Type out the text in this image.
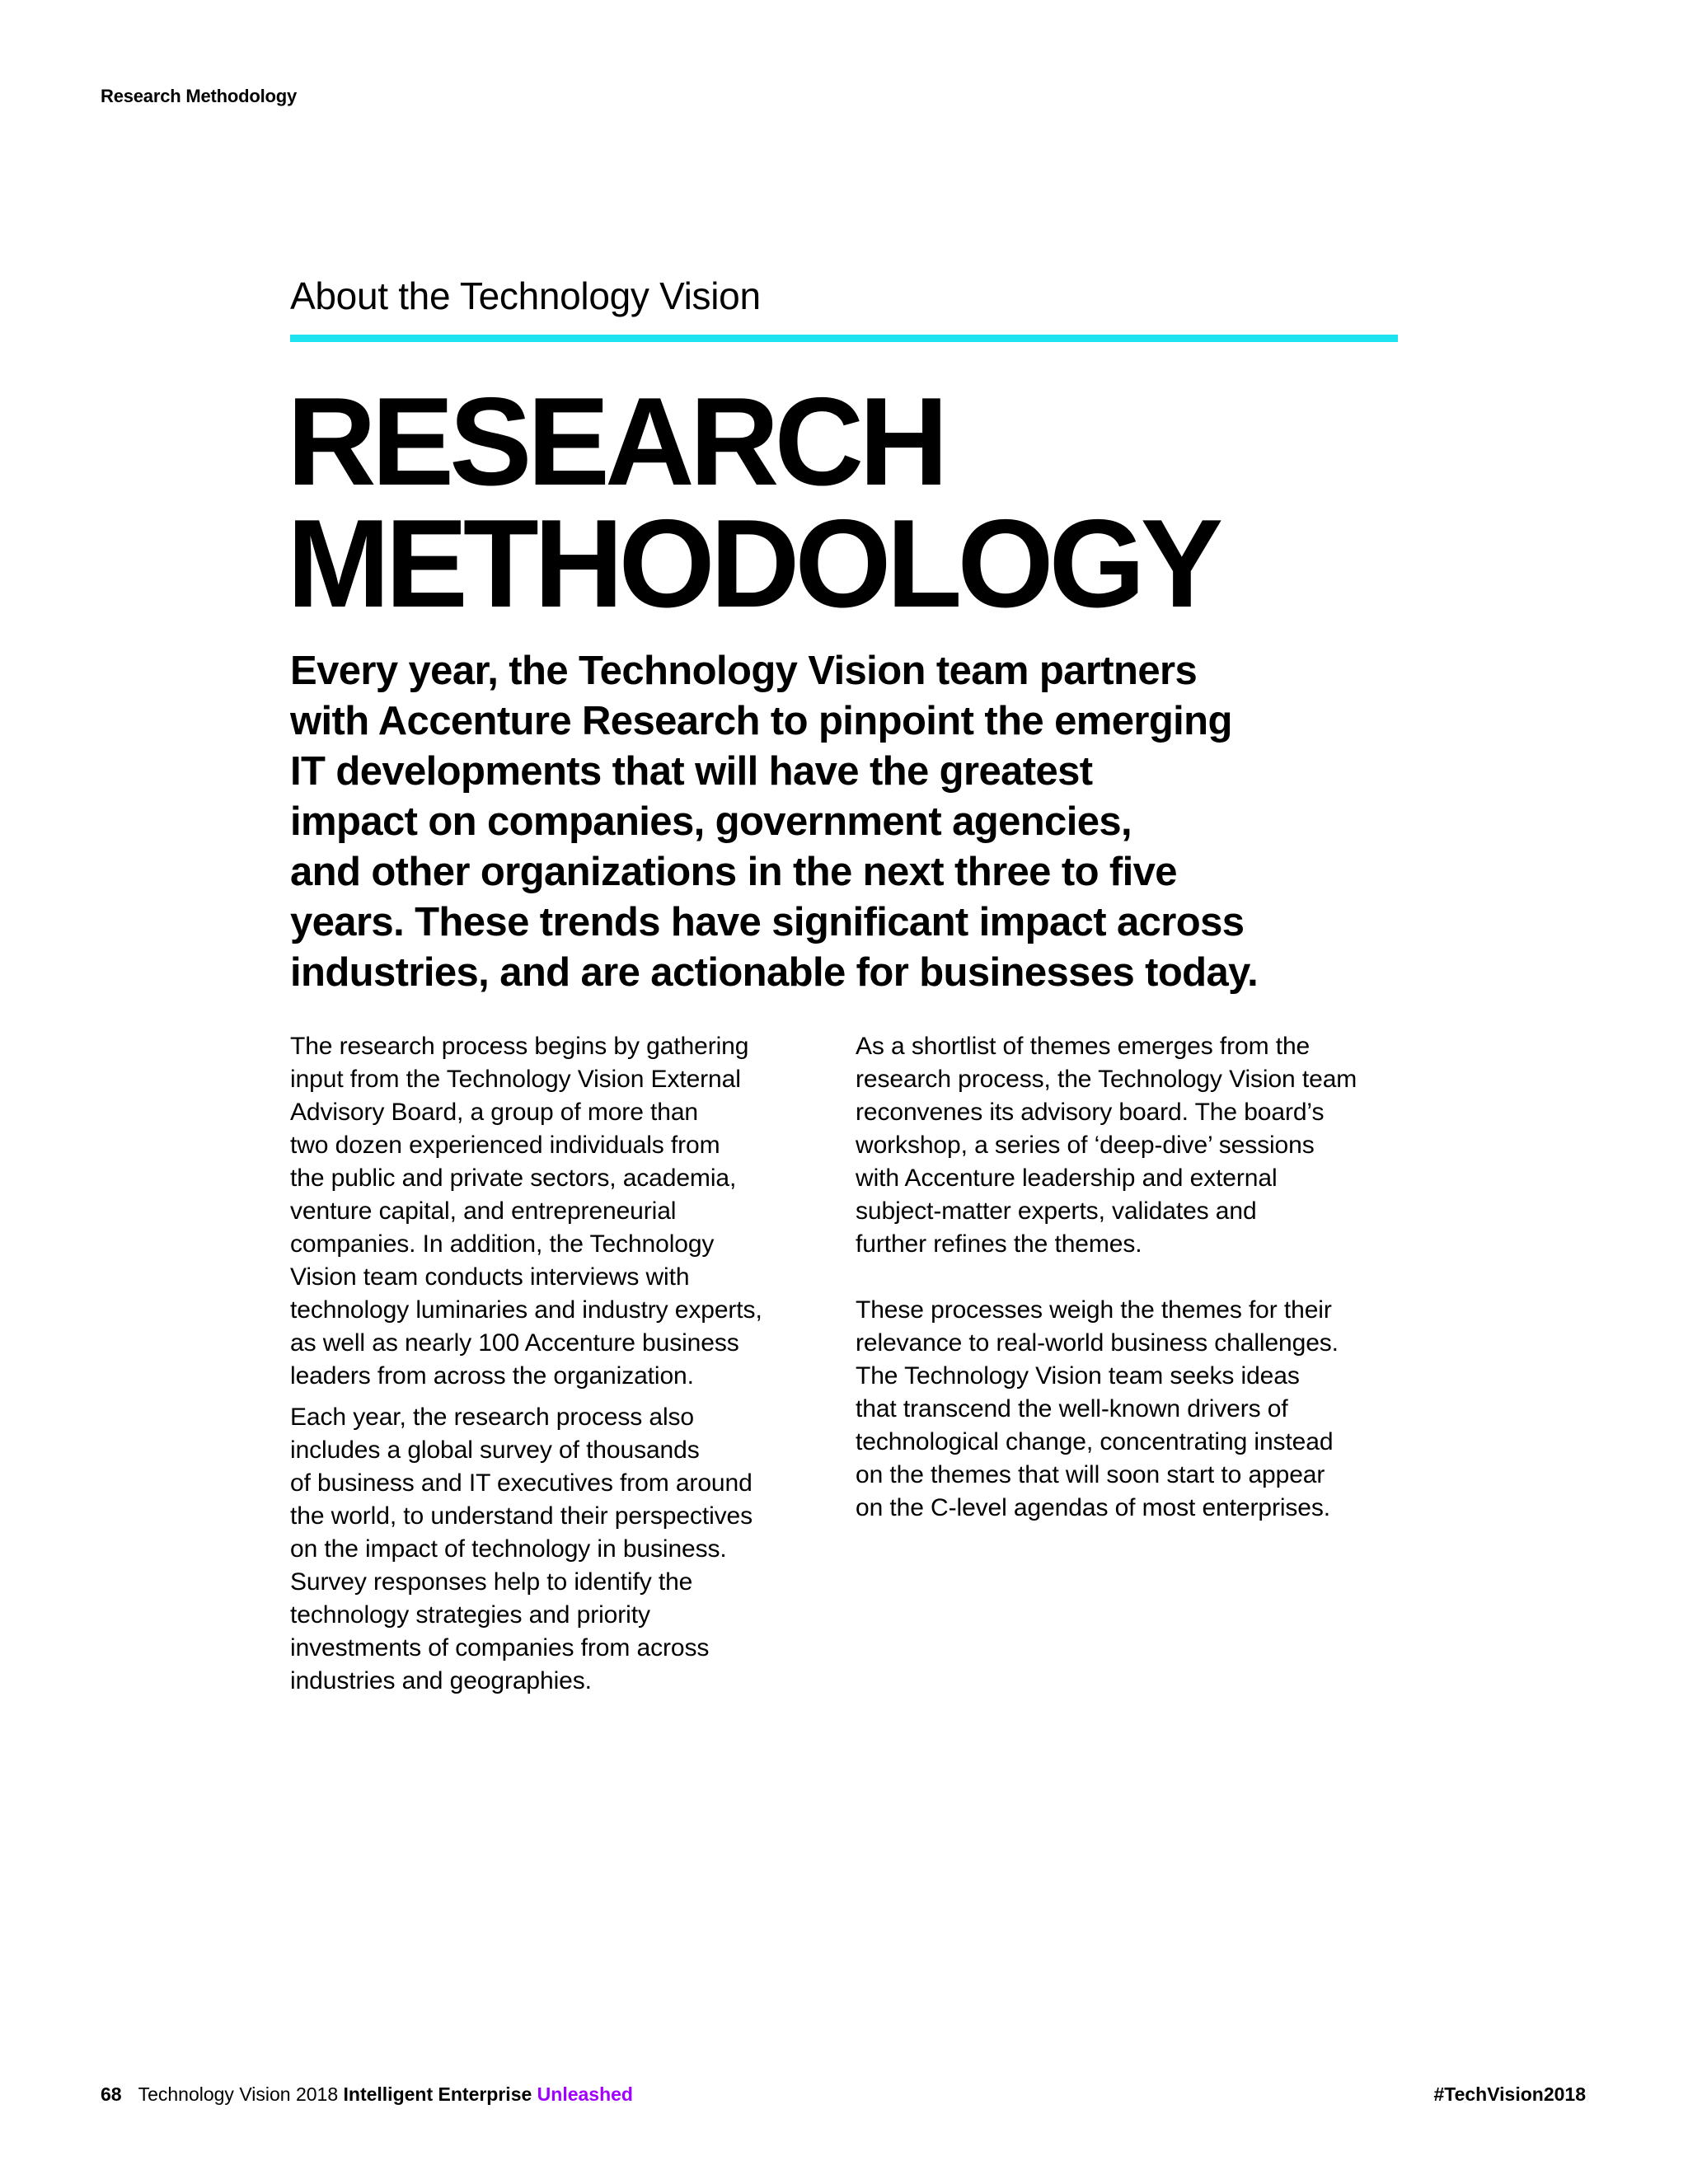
Research Methodology
About the Technology Vision
RESEARCH
METHODOLOGY

Every year, the Technology Vision team partners
with Accenture Research to pinpoint the emerging
IT developments that will have the greatest
impact on companies, government agencies,
and other organizations in the next three to five
years. These trends have significant impact across
industries, and are actionable for businesses today.

The research process begins by gathering
input from the Technology Vision External
Advisory Board, a group of more than
two dozen experienced individuals from
the public and private sectors, academia,
venture capital, and entrepreneurial
companies. In addition, the Technology
Vision team conducts interviews with
technology luminaries and industry experts,
as well as nearly 100 Accenture business
leaders from across the organization.

Each year, the research process also
includes a global survey of thousands
of business and IT executives from around
the world, to understand their perspectives
on the impact of technology in business.
Survey responses help to identify the
technology strategies and priority
investments of companies from across
industries and geographies.

As a shortlist of themes emerges from the
research process, the Technology Vision team
reconvenes its advisory board. The board’s
workshop, a series of ‘deep-dive’ sessions
with Accenture leadership and external
subject-matter experts, validates and
further refines the themes.

These processes weigh the themes for their
relevance to real-world business challenges.
The Technology Vision team seeks ideas
that transcend the well-known drivers of
technological change, concentrating instead
on the themes that will soon start to appear
on the C-level agendas of most enterprises.

68 Technology Vision 2018 Intelligent Enterprise Unleashed	#TechVision2018
